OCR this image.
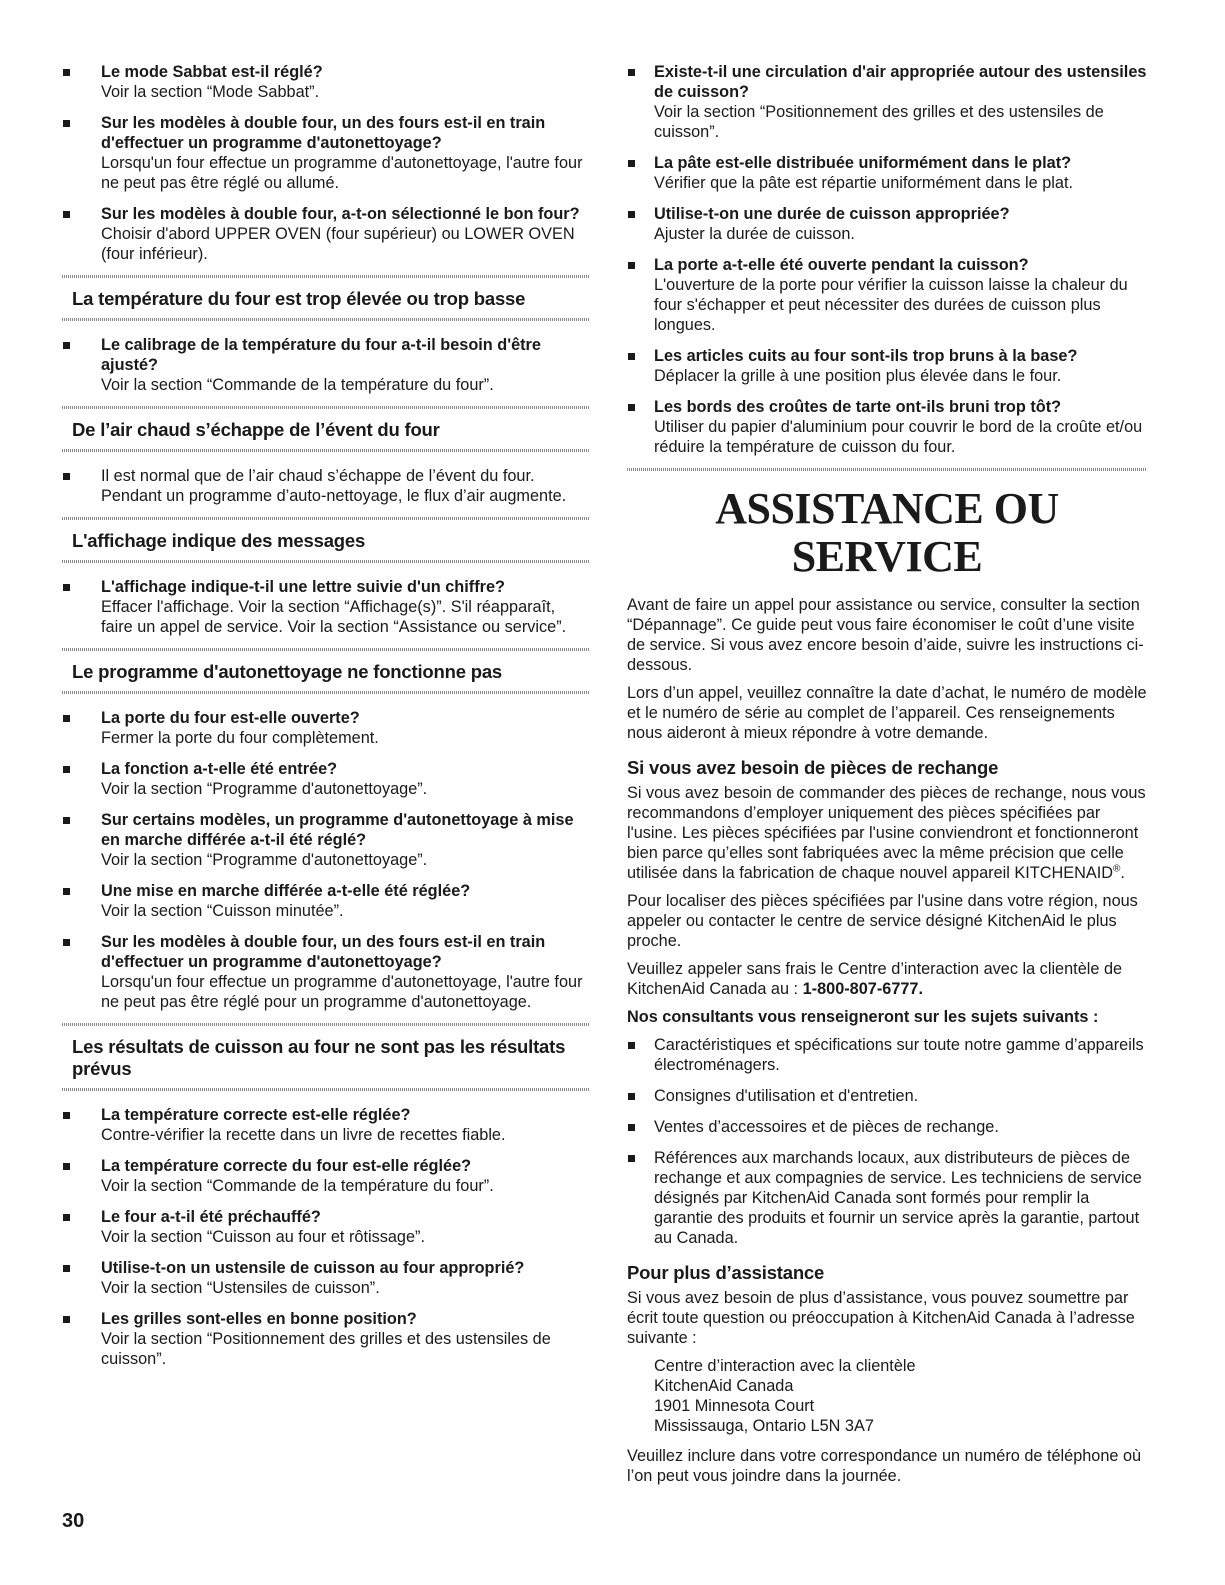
Le mode Sabbat est-il réglé?
Voir la section “Mode Sabbat”.
Sur les modèles à double four, un des fours est-il en train d'effectuer un programme d'autonettoyage?
Lorsqu'un four effectue un programme d'autonettoyage, l'autre four ne peut pas être réglé ou allumé.
Sur les modèles à double four, a-t-on sélectionné le bon four?
Choisir d'abord UPPER OVEN (four supérieur) ou LOWER OVEN (four inférieur).
La température du four est trop élevée ou trop basse
Le calibrage de la température du four a-t-il besoin d'être ajusté?
Voir la section “Commande de la température du four”.
De l’air chaud s’échappe de l’évent du four
Il est normal que de l’air chaud s’échappe de l’évent du four. Pendant un programme d’auto-nettoyage, le flux d’air augmente.
L'affichage indique des messages
L'affichage indique-t-il une lettre suivie d'un chiffre?
Effacer l'affichage. Voir la section “Affichage(s)”. S'il réapparaît, faire un appel de service. Voir la section “Assistance ou service”.
Le programme d'autonettoyage ne fonctionne pas
La porte du four est-elle ouverte?
Fermer la porte du four complètement.
La fonction a-t-elle été entrée?
Voir la section “Programme d'autonettoyage”.
Sur certains modèles, un programme d'autonettoyage à mise en marche différée a-t-il été réglé?
Voir la section “Programme d'autonettoyage”.
Une mise en marche différée a-t-elle été réglée?
Voir la section “Cuisson minutée”.
Sur les modèles à double four, un des fours est-il en train d'effectuer un programme d'autonettoyage?
Lorsqu'un four effectue un programme d'autonettoyage, l'autre four ne peut pas être réglé pour un programme d'autonettoyage.
Les résultats de cuisson au four ne sont pas les résultats prévus
La température correcte est-elle réglée?
Contre-vérifier la recette dans un livre de recettes fiable.
La température correcte du four est-elle réglée?
Voir la section “Commande de la température du four”.
Le four a-t-il été préchauffé?
Voir la section “Cuisson au four et rôtissage”.
Utilise-t-on un ustensile de cuisson au four approprié?
Voir la section “Ustensiles de cuisson”.
Les grilles sont-elles en bonne position?
Voir la section “Positionnement des grilles et des ustensiles de cuisson”.
Existe-t-il une circulation d'air appropriée autour des ustensiles de cuisson?
Voir la section “Positionnement des grilles et des ustensiles de cuisson”.
La pâte est-elle distribuée uniformément dans le plat?
Vérifier que la pâte est répartie uniformément dans le plat.
Utilise-t-on une durée de cuisson appropriée?
Ajuster la durée de cuisson.
La porte a-t-elle été ouverte pendant la cuisson?
L'ouverture de la porte pour vérifier la cuisson laisse la chaleur du four s'échapper et peut nécessiter des durées de cuisson plus longues.
Les articles cuits au four sont-ils trop bruns à la base?
Déplacer la grille à une position plus élevée dans le four.
Les bords des croûtes de tarte ont-ils bruni trop tôt?
Utiliser du papier d'aluminium pour couvrir le bord de la croûte et/ou réduire la température de cuisson du four.
ASSISTANCE OU SERVICE

Avant de faire un appel pour assistance ou service, consulter la section “Dépannage”. Ce guide peut vous faire économiser le coût d’une visite de service. Si vous avez encore besoin d’aide, suivre les instructions ci-dessous.

Lors d’un appel, veuillez connaître la date d’achat, le numéro de modèle et le numéro de série au complet de l’appareil. Ces renseignements nous aideront à mieux répondre à votre demande.

Si vous avez besoin de pièces de rechange

Si vous avez besoin de commander des pièces de rechange, nous vous recommandons d’employer uniquement des pièces spécifiées par l'usine. Les pièces spécifiées par l'usine conviendront et fonctionneront bien parce qu’elles sont fabriquées avec la même précision que celle utilisée dans la fabrication de chaque nouvel appareil KITCHENAID®.

Pour localiser des pièces spécifiées par l'usine dans votre région, nous appeler ou contacter le centre de service désigné KitchenAid le plus proche.

Veuillez appeler sans frais le Centre d’interaction avec la clientèle de KitchenAid Canada au : 1-800-807-6777.

Nos consultants vous renseigneront sur les sujets suivants :
Caractéristiques et spécifications sur toute notre gamme d’appareils électroménagers.
Consignes d'utilisation et d'entretien.
Ventes d’accessoires et de pièces de rechange.
Références aux marchands locaux, aux distributeurs de pièces de rechange et aux compagnies de service. Les techniciens de service désignés par KitchenAid Canada sont formés pour remplir la garantie des produits et fournir un service après la garantie, partout au Canada.
Pour plus d’assistance

Si vous avez besoin de plus d’assistance, vous pouvez soumettre par écrit toute question ou préoccupation à KitchenAid Canada à l’adresse suivante :

Centre d’interaction avec la clientèle
KitchenAid Canada
1901 Minnesota Court
Mississauga, Ontario L5N 3A7

Veuillez inclure dans votre correspondance un numéro de téléphone où l’on peut vous joindre dans la journée.

30
